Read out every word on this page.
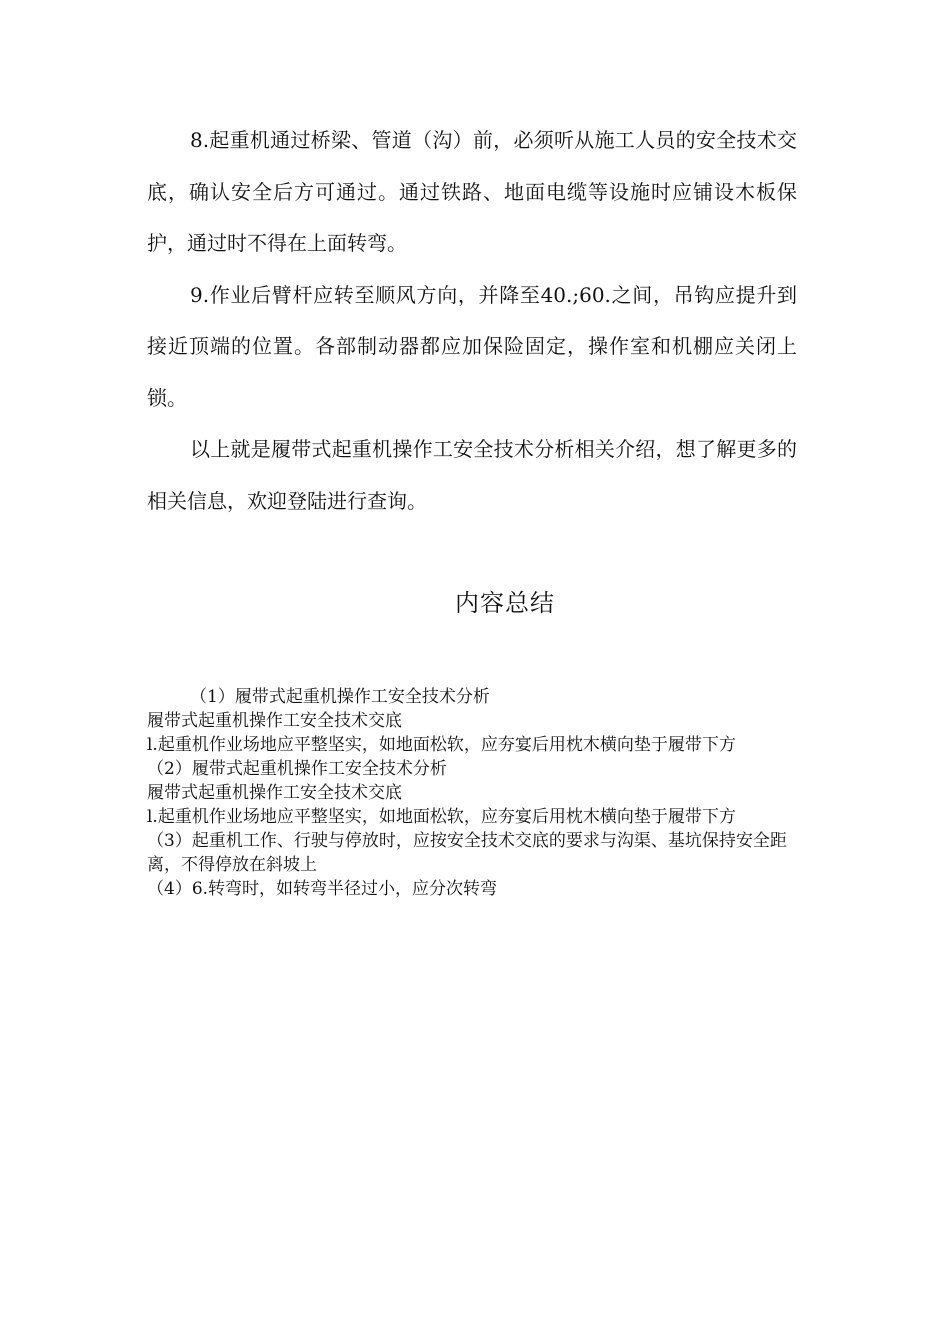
8.起重机通过桥梁、管道（沟）前，必须听从施工人员的安全技术交底，确认安全后方可通过。通过铁路、地面电缆等设施时应铺设木板保护，通过时不得在上面转弯。

9.作业后臂杆应转至顺风方向，并降至40.;60.之间，吊钩应提升到接近顶端的位置。各部制动器都应加保险固定，操作室和机棚应关闭上锁。

以上就是履带式起重机操作工安全技术分析相关介绍，想了解更多的相关信息，欢迎登陆进行查询。

内容总结

（1）履带式起重机操作工安全技术分析

履带式起重机操作工安全技术交底

l.起重机作业场地应平整坚实，如地面松软，应夯宴后用枕木横向垫于履带下方

（2）履带式起重机操作工安全技术分析

履带式起重机操作工安全技术交底

l.起重机作业场地应平整坚实，如地面松软，应夯宴后用枕木横向垫于履带下方

（3）起重机工作、行驶与停放时，应按安全技术交底的要求与沟渠、基坑保持安全距离，不得停放在斜坡上

（4）6.转弯时，如转弯半径过小，应分次转弯
